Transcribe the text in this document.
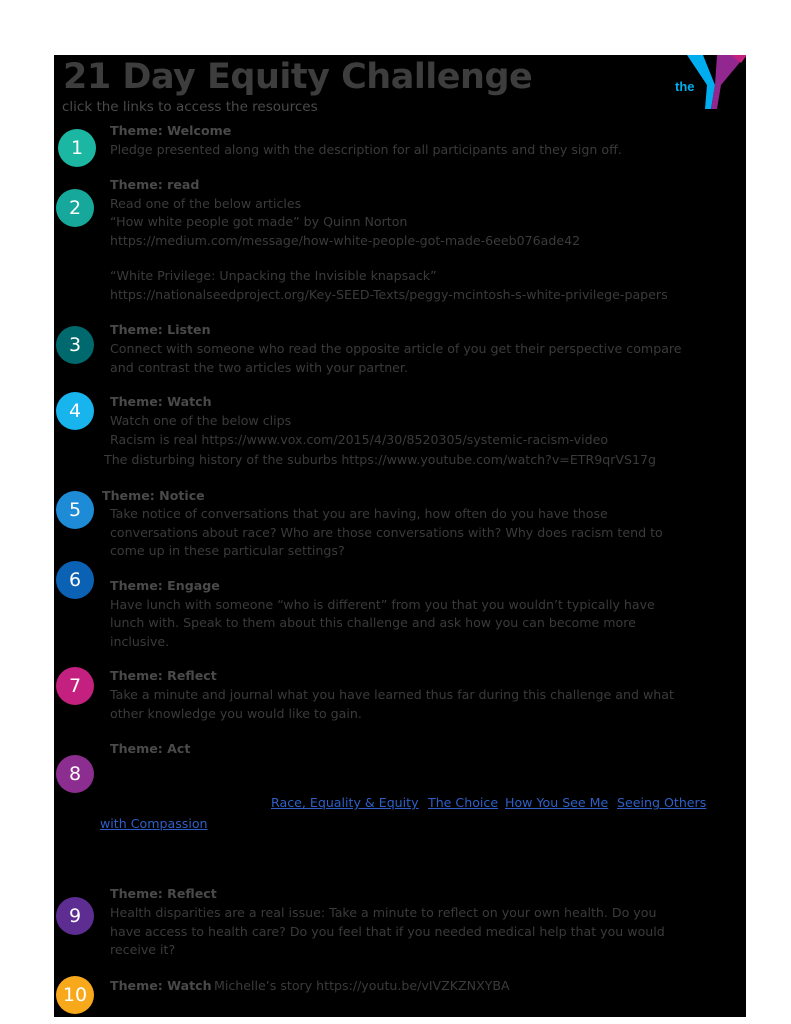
21 Day Equity Challenge
click the links to access the resources
the
1
Theme: Welcome
Pledge presented along with the description for all participants and they sign off.
2
Theme: read
Read one of the below articles
“How white people got made” by Quinn Norton
https://medium.com/message/how-white-people-got-made-6eeb076ade42
“White Privilege: Unpacking the Invisible knapsack”
https://nationalseedproject.org/Key-SEED-Texts/peggy-mcintosh-s-white-privilege-papers
3
Theme: Listen
Connect with someone who read the opposite article of you get their perspective compare
and contrast the two articles with your partner.
4	Theme: Watch
Watch one of the below clips
Racism is real https://www.vox.com/2015/4/30/8520305/systemic-racism-video
The disturbing history of the suburbs https://www.youtube.com/watch?v=ETR9qrVS17g
5
Theme: Notice
Take notice of conversations that you are having, how often do you have those
conversations about race? Who are those conversations with? Why does racism tend to
come up in these particular settings?
6	Theme: Engage
Have lunch with someone “who is different” from you that you wouldn’t typically have
lunch with. Speak to them about this challenge and ask how you can become more
inclusive.
7	Theme: Reflect
Take a minute and journal what you have learned thus far during this challenge and what
other knowledge you would like to gain.
8
Theme: Act
Race, Equality & Equity The Choice How You See Me Seeing Others
with Compassion
9
Theme: Reflect
Health disparities are a real issue: Take a minute to reflect on your own health. Do you
have access to health care? Do you feel that if you needed medical help that you would
receive it?
10	Theme: Watch Michelle’s story https://youtu.be/vIVZKZNXYBA
